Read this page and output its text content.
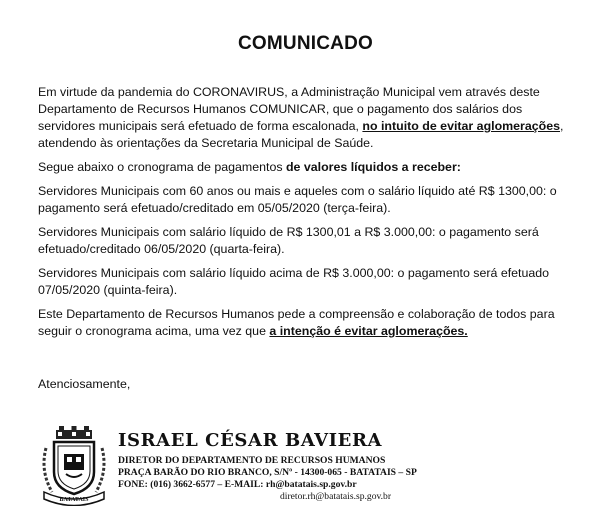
COMUNICADO

Em virtude da pandemia do CORONAVIRUS, a Administração Municipal vem através deste Departamento de Recursos Humanos COMUNICAR, que o pagamento dos salários dos servidores municipais será efetuado de forma escalonada, no intuito de evitar aglomerações, atendendo às orientações da Secretaria Municipal de Saúde.

Segue abaixo o cronograma de pagamentos de valores líquidos a receber:

Servidores Municipais com 60 anos ou mais e aqueles com o salário líquido até R$ 1300,00: o pagamento será efetuado/creditado em 05/05/2020 (terça-feira).

Servidores Municipais com salário líquido de R$ 1300,01 a R$ 3.000,00: o pagamento será efetuado/creditado 06/05/2020 (quarta-feira).

Servidores Municipais com salário líquido acima de R$ 3.000,00: o pagamento será efetuado 07/05/2020 (quinta-feira).

Este Departamento de Recursos Humanos pede a compreensão e colaboração de todos para seguir o cronograma acima, uma vez que a intenção é evitar aglomerações.

Atenciosamente,
BATATAIS
ISRAEL CÉSAR BAVIERA
DIRETOR DO DEPARTAMENTO DE RECURSOS HUMANOS
PRAÇA BARÃO DO RIO BRANCO, S/Nº - 14300-065 - BATATAIS – SP
FONE: (016) 3662-6577 – E-MAIL: rh@batatais.sp.gov.br
diretor.rh@batatais.sp.gov.br
